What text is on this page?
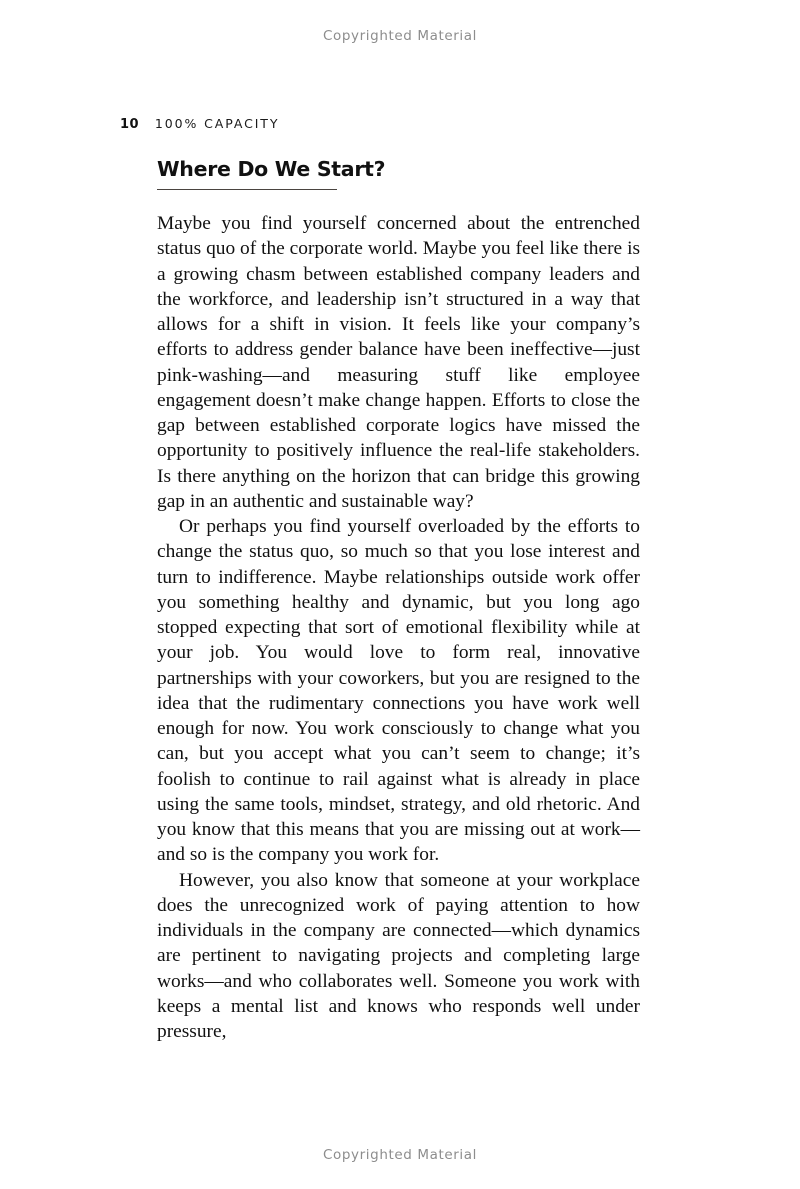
Copyrighted Material
10 100% CAPACITY
Where Do We Start?

Maybe you find yourself concerned about the entrenched status quo of the corporate world. Maybe you feel like there is a growing chasm between established company leaders and the workforce, and leadership isn’t structured in a way that allows for a shift in vision. It feels like your company’s efforts to address gender balance have been ineffective—just pink-washing—and measuring stuff like employee engagement doesn’t make change happen. Efforts to close the gap between established corporate logics have missed the opportunity to positively influence the real-life stakeholders. Is there anything on the horizon that can bridge this growing gap in an authentic and sustainable way?

Or perhaps you find yourself overloaded by the efforts to change the status quo, so much so that you lose interest and turn to indifference. Maybe relationships outside work offer you something healthy and dynamic, but you long ago stopped expecting that sort of emotional flexibility while at your job. You would love to form real, innovative partnerships with your coworkers, but you are resigned to the idea that the rudimentary connections you have work well enough for now. You work consciously to change what you can, but you accept what you can’t seem to change; it’s foolish to continue to rail against what is already in place using the same tools, mindset, strategy, and old rhetoric. And you know that this means that you are missing out at work—and so is the company you work for.

However, you also know that someone at your workplace does the unrecognized work of paying attention to how individuals in the company are connected—which dynamics are pertinent to navigating projects and completing large works—and who collaborates well. Someone you work with keeps a mental list and knows who responds well under pressure,

Copyrighted Material
